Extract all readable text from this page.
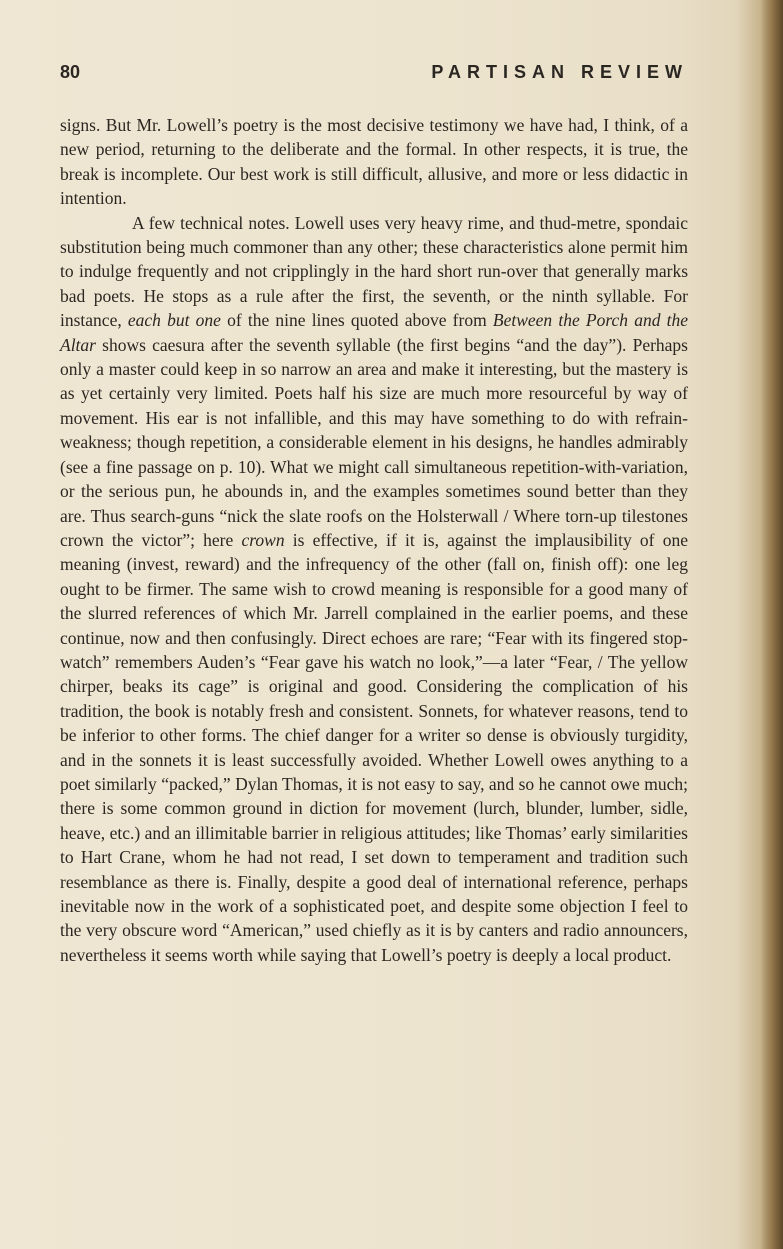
80	PARTISAN REVIEW

signs. But Mr. Lowell’s poetry is the most decisive testimony we have had, I think, of a new period, returning to the deliberate and the formal. In other respects, it is true, the break is incomplete. Our best work is still difficult, allusive, and more or less didactic in intention.

A few technical notes. Lowell uses very heavy rime, and thud-metre, spondaic substitution being much commoner than any other; these characteristics alone permit him to indulge frequently and not cripplingly in the hard short run-over that generally marks bad poets. He stops as a rule after the first, the seventh, or the ninth syllable. For instance, each but one of the nine lines quoted above from Between the Porch and the Altar shows caesura after the seventh syllable (the first begins “and the day”). Perhaps only a master could keep in so narrow an area and make it interesting, but the mastery is as yet certainly very limited. Poets half his size are much more resourceful by way of movement. His ear is not infallible, and this may have something to do with refrain-weakness; though repetition, a considerable element in his designs, he handles admirably (see a fine passage on p. 10). What we might call simultaneous repetition-with-variation, or the serious pun, he abounds in, and the examples sometimes sound better than they are. Thus search-guns “nick the slate roofs on the Holsterwall / Where torn-up tilestones crown the victor”; here crown is effective, if it is, against the implausibility of one meaning (invest, reward) and the infrequency of the other (fall on, finish off): one leg ought to be firmer. The same wish to crowd meaning is responsible for a good many of the slurred references of which Mr. Jarrell complained in the earlier poems, and these continue, now and then confusingly. Direct echoes are rare; “Fear with its fingered stop-watch” remembers Auden’s “Fear gave his watch no look,”—a later “Fear, / The yellow chirper, beaks its cage” is original and good. Considering the complication of his tradition, the book is notably fresh and consistent. Sonnets, for whatever reasons, tend to be inferior to other forms. The chief danger for a writer so dense is obviously turgidity, and in the sonnets it is least successfully avoided. Whether Lowell owes anything to a poet similarly “packed,” Dylan Thomas, it is not easy to say, and so he cannot owe much; there is some common ground in diction for movement (lurch, blunder, lumber, sidle, heave, etc.) and an illimitable barrier in religious attitudes; like Thomas’ early similarities to Hart Crane, whom he had not read, I set down to temperament and tradition such resemblance as there is. Finally, despite a good deal of international reference, perhaps inevitable now in the work of a sophisticated poet, and despite some objection I feel to the very obscure word “American,” used chiefly as it is by canters and radio announcers, nevertheless it seems worth while saying that Lowell’s poetry is deeply a local product.
